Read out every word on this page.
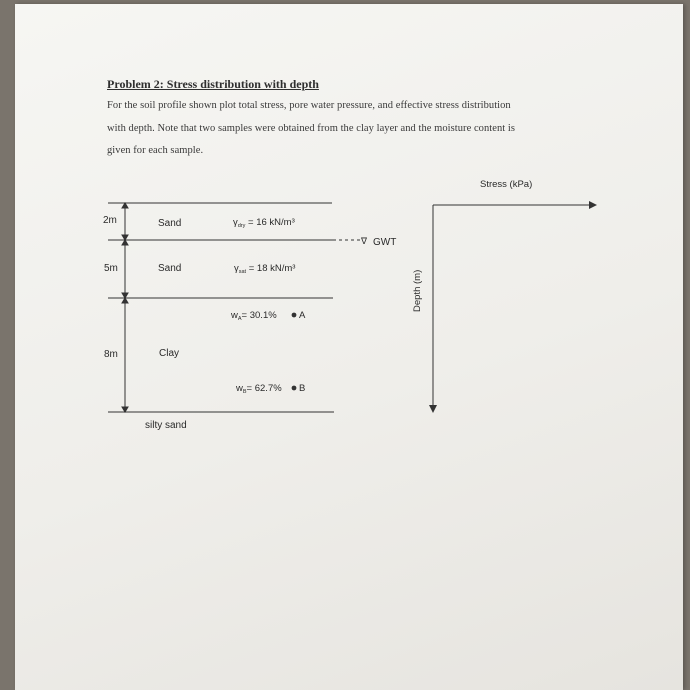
Problem 2: Stress distribution with depth

For the soil profile shown plot total stress, pore water pressure, and effective stress distribution

with depth. Note that two samples were obtained from the clay layer and the moisture content is

given for each sample.

2m
5m
8m
Sand
Sand
Clay
silty sand
$\gamma_{dry} = 16$ kN/m³
$\gamma_{sat} = 18$ kN/m³
$w_A= 30.1\%$ A
$w_B= 62.7\%$ B
∇ GWT
Stress (kPa)
Depth (m)
